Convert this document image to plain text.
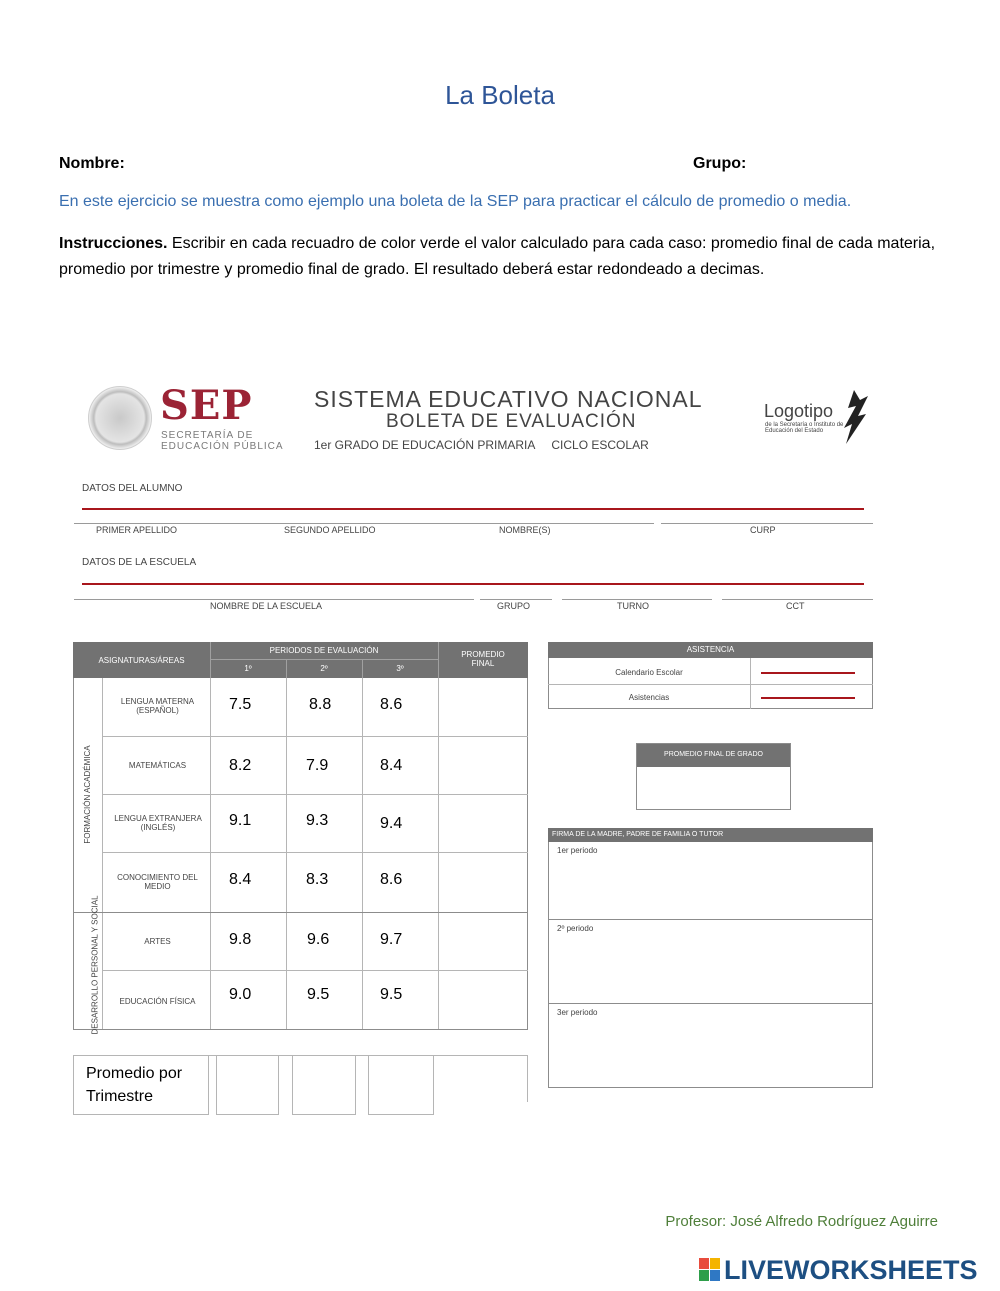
La Boleta
Nombre:	Grupo:
En este ejercicio se muestra como ejemplo una boleta de la SEP para practicar el cálculo de promedio o media.
Instrucciones. Escribir en cada recuadro de color verde el valor calculado para cada caso: promedio final de cada materia, promedio por trimestre y promedio final de grado. El resultado deberá estar redondeado a decimas.
SEP
SECRETARÍA DE
EDUCACIÓN PÚBLICA
SISTEMA EDUCATIVO NACIONAL
BOLETA DE EVALUACIÓN
1er GRADO DE EDUCACIÓN PRIMARIA     CICLO ESCOLAR
Logotipo
de la Secretaría o Instituto de Educación del Estado
DATOS DEL ALUMNO
PRIMER APELLIDO	SEGUNDO APELLIDO	NOMBRE(S)	CURP
DATOS DE LA ESCUELA
NOMBRE DE LA ESCUELA	GRUPO	TURNO	CCT
ASIGNATURAS/ÁREAS
PERIODOS DE EVALUACIÓN
1º	2º	3º
PROMEDIO FINAL
FORMACIÓN ACADÉMICA
DESARROLLO PERSONAL Y SOCIAL
LENGUA MATERNA (ESPAÑOL)	7.5	8.8	8.6
MATEMÁTICAS	8.2	7.9	8.4
LENGUA EXTRANJERA (INGLÉS)	9.1	9.3	9.4
CONOCIMIENTO DEL MEDIO	8.4	8.3	8.6
ARTES	9.8	9.6	9.7
EDUCACIÓN FÍSICA	9.0	9.5	9.5
Promedio por Trimestre
ASISTENCIA
Calendario Escolar
Asistencias
PROMEDIO FINAL DE GRADO
FIRMA DE LA MADRE, PADRE DE FAMILIA O TUTOR
1er periodo
2º periodo
3er periodo
Profesor: José Alfredo Rodríguez Aguirre
LIVEWORKSHEETS
